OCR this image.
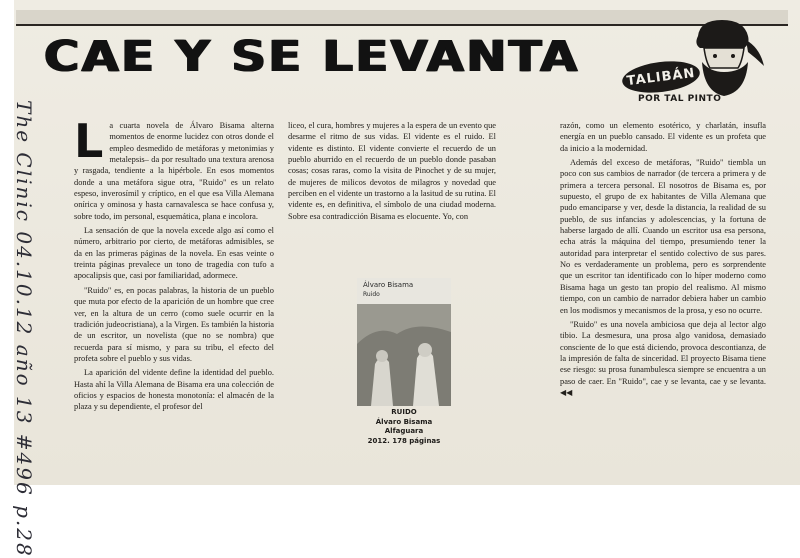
CAE Y SE LEVANTA	TALIBÁN
POR TAL PINTO
The Clinic 04.10.12 año 13 #496 p.28 L a cuarta novela de Álvaro Bisama alterna momentos de enorme lucidez con otros donde el empleo desmedido de metáforas y metonimias y metalepsis– da por resultado una textura arenosa y rasgada, tendiente a la hipérbole. En esos momentos donde a una metáfora sigue otra, "Ruido" es un relato espeso, inverosímil y críptico, en el que esa Villa Alemana onírica y ominosa y hasta carnavalesca se hace confusa y, sobre todo, im personal, esquemática, plana e incolora.

La sensación de que la novela excede algo así como el número, arbitrario por cierto, de metáforas admisibles, se da en las primeras páginas de la novela. En esas veinte o treinta páginas prevalece un tono de tragedia con tufo a apocalipsis que, casi por familiaridad, adormece.

"Ruido" es, en pocas palabras, la historia de un pueblo que muta por efecto de la aparición de un hombre que cree ver, en la altura de un cerro (como suele ocurrir en la tradición judeocristiana), a la Virgen. Es también la historia de un escritor, un novelista (que no se nombra) que recuerda para sí mismo, y para su tribu, el efecto del profeta sobre el pueblo y sus vidas.

La aparición del vidente define la identidad del pueblo. Hasta ahí la Villa Alemana de Bisama era una colección de oficios y espacios de honesta monotonía: el almacén de la plaza y su dependiente, el profesor del

liceo, el cura, hombres y mujeres a la espera de un evento que desarme el ritmo de sus vidas. El vidente es el ruido. El vidente es distinto. El vidente convierte el recuerdo de un pueblo aburrido en el recuerdo de un pueblo donde pasaban cosas; cosas raras, como la visita de Pinochet y de su mujer, de mujeres de milicos devotos de milagros y novedad que perciben en el vidente un trastorno a la lasitud de su rutina. El vidente es, en definitiva, el símbolo de una ciudad moderna. Sobre esa contradicción Bisama es elocuente. Yo, con

Álvaro Bisama
Ruido
RUIDO
Álvaro Bisama
Alfaguara
2012. 178 páginas

razón, como un elemento esotérico, y charlatán, insufla energía en un pueblo cansado. El vidente es un profeta que da inicio a la modernidad.

Además del exceso de metáforas, "Ruido" tiembla un poco con sus cambios de narrador (de tercera a primera y de primera a tercera personal. El nosotros de Bisama es, por supuesto, el grupo de ex habitantes de Villa Alemana que pudo emanciparse y ver, desde la distancia, la realidad de su pueblo, de sus infancias y adolescencias, y la fortuna de haberse largado de allí. Cuando un escritor usa esa persona, echa atrás la máquina del tiempo, presumiendo tener la autoridad para interpretar el sentido colectivo de sus pares. No es verdaderamente un problema, pero es sorprendente que un escritor tan identificado con lo híper moderno como Bisama haga un gesto tan propio del realismo. Al mismo tiempo, con un cambio de narrador debiera haber un cambio en los modismos y mecanismos de la prosa, y eso no ocurre.

"Ruido" es una novela ambiciosa que deja al lector algo tibio. La desmesura, una prosa algo vanidosa, demasiado consciente de lo que está diciendo, provoca descontianza, de la impresión de falta de sinceridad. El proyecto Bisama tiene ese riesgo: su prosa funambulesca siempre se encuentra a un paso de caer. En "Ruido", cae y se levanta, cae y se levanta. ◀◀
